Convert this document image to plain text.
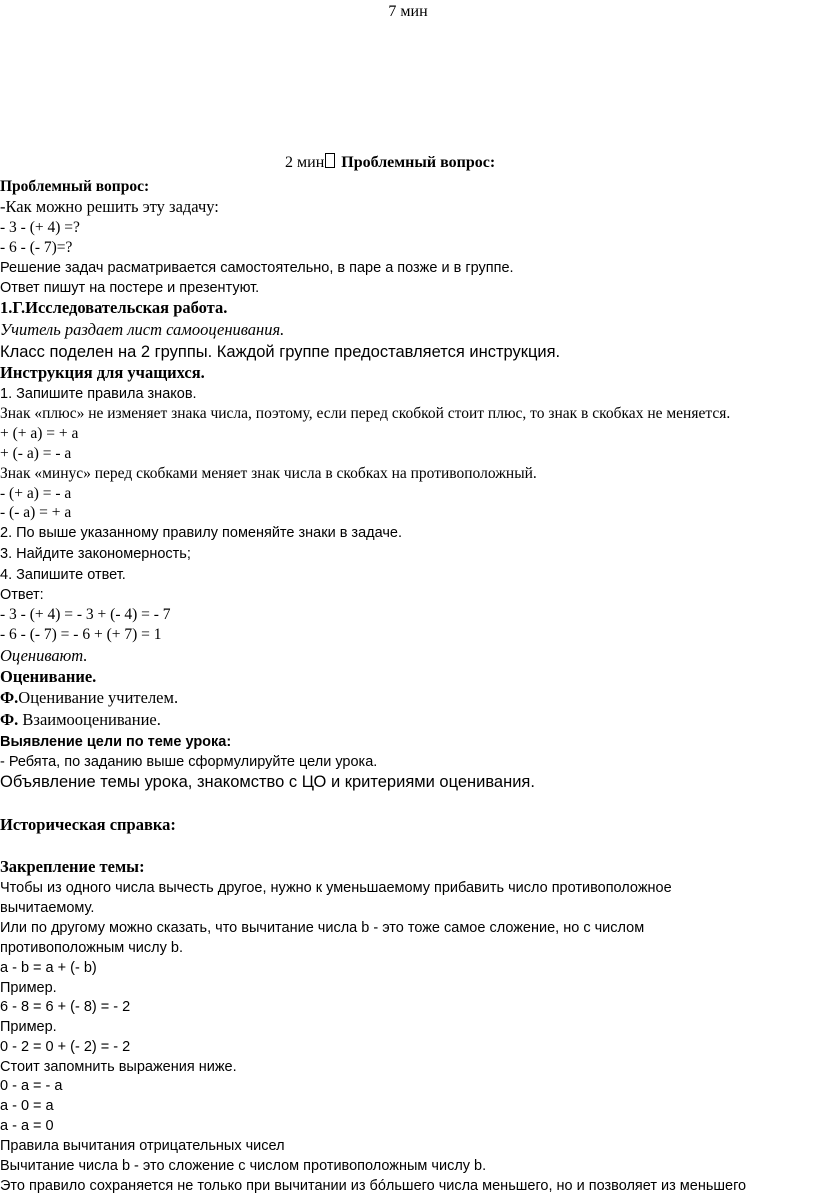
7 мин
2 мин Проблемный вопрос:
Проблемный вопрос:
-Как можно решить эту задачу:
- 3 - (+ 4) =?
- 6 - (- 7)=?
Решение задач расматривается самостоятельно, в паре а позже и в группе.
Ответ пишут на постере и презентуют.
1.Г.Исследовательская работа.
Учитель раздает лист самооценивания.
Класс поделен на 2 группы. Каждой группе предоставляется инструкция.
Инструкция для учащихся.
1. Запишите правила знаков.
Знак «плюс» не изменяет знака числа, поэтому, если перед скобкой стоит плюс, то знак в скобках не меняется.
+ (+ a) = + a
+ (- a) = - a
Знак «минус» перед скобками меняет знак числа в скобках на противоположный.
- (+ a) = - a
- (- a) = + a
2. По выше указанному правилу поменяйте знаки в задаче.
3. Найдите закономерность;
4. Запишите ответ.
Ответ:
- 3 - (+ 4) = - 3 + (- 4) = - 7
- 6 - (- 7) = - 6 + (+ 7) = 1
Оценивают.
Оценивание.
Ф.Оценивание учителем.
Ф. Взаимооценивание.
Выявление цели по теме урока:
- Ребята, по заданию выше сформулируйте цели урока.
Объявление темы урока, знакомство с ЦО и критериями оценивания.
Историческая справка:
Закрепление темы:
Чтобы из одного числа вычесть другое, нужно к уменьшаемому прибавить число противоположное
вычитаемому.
Или по другому можно сказать, что вычитание числа b - это тоже самое сложение, но с числом
противоположным числу b.
a - b = a + (- b)
Пример.
6 - 8 = 6 + (- 8) = - 2
Пример.
0 - 2 = 0 + (- 2) = - 2
Стоит запомнить выражения ниже.
0 - a = - a
a - 0 = a
a - a = 0
Правила вычитания отрицательных чисел
Вычитание числа b - это сложение с числом противоположным числу b.
Это правило сохраняется не только при вычитании из бóльшего числа меньшего, но и позволяет из меньшего
